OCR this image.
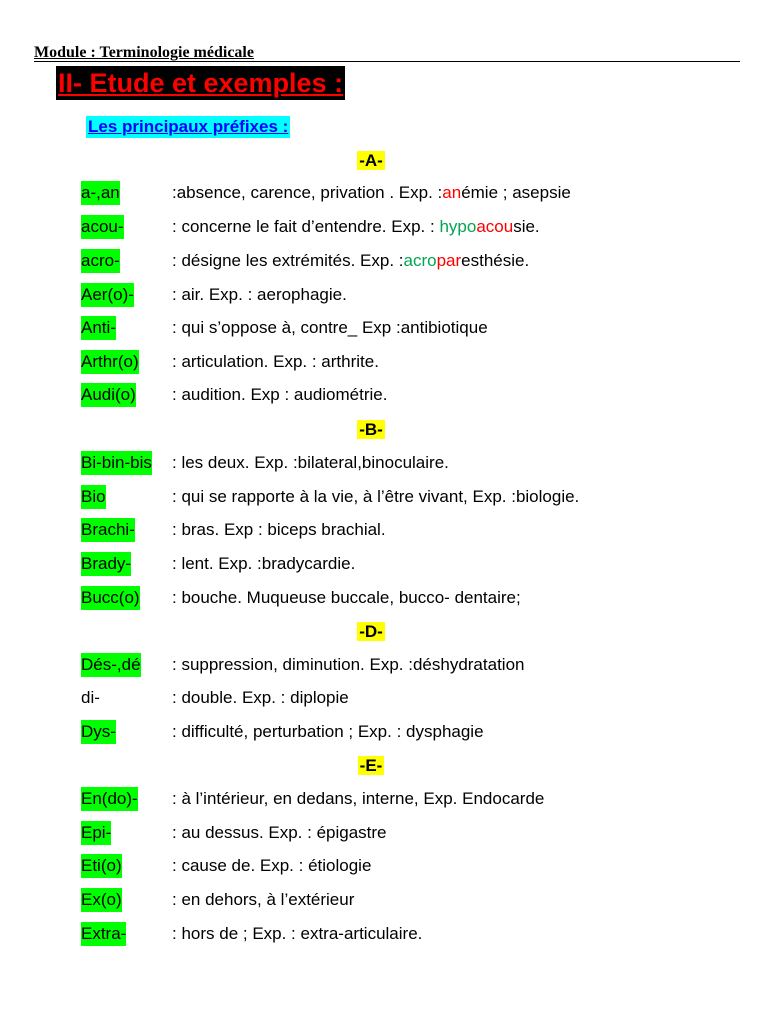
Module : Terminologie médicale
II- Etude et exemples :
Les principaux préfixes :
-A-
a-,an	:absence, carence, privation . Exp. :anémie ; asepsie
acou-	: concerne le fait d’entendre. Exp. : hypoacousie.
acro-	: désigne les extrémités. Exp. :acroparesthésie.
Aer(o)- : air. Exp. : aerophagie.
Anti-	: qui s’oppose à, contre_ Exp :antibiotique
Arthr(o) : articulation. Exp. : arthrite.
Audi(o) : audition. Exp : audiométrie.
-B-
Bi-bin-bis : les deux. Exp. :bilateral,binoculaire.
Bio	: qui se rapporte à la vie, à l’être vivant, Exp. :biologie.
Brachi- : bras. Exp : biceps brachial.
Brady- : lent. Exp. :bradycardie.
Bucc(o) : bouche. Muqueuse buccale, bucco- dentaire;
-D-
Dés-,dé : suppression, diminution. Exp. :déshydratation
di-	: double. Exp. : diplopie
Dys-	: difficulté, perturbation ; Exp. : dysphagie
-E-
En(do)- : à l’intérieur, en dedans, interne, Exp. Endocarde
Epi-	: au dessus. Exp. : épigastre
Eti(o)	: cause de. Exp. : étiologie
Ex(o)	: en dehors, à l’extérieur
Extra-	: hors de ; Exp. : extra-articulaire.
